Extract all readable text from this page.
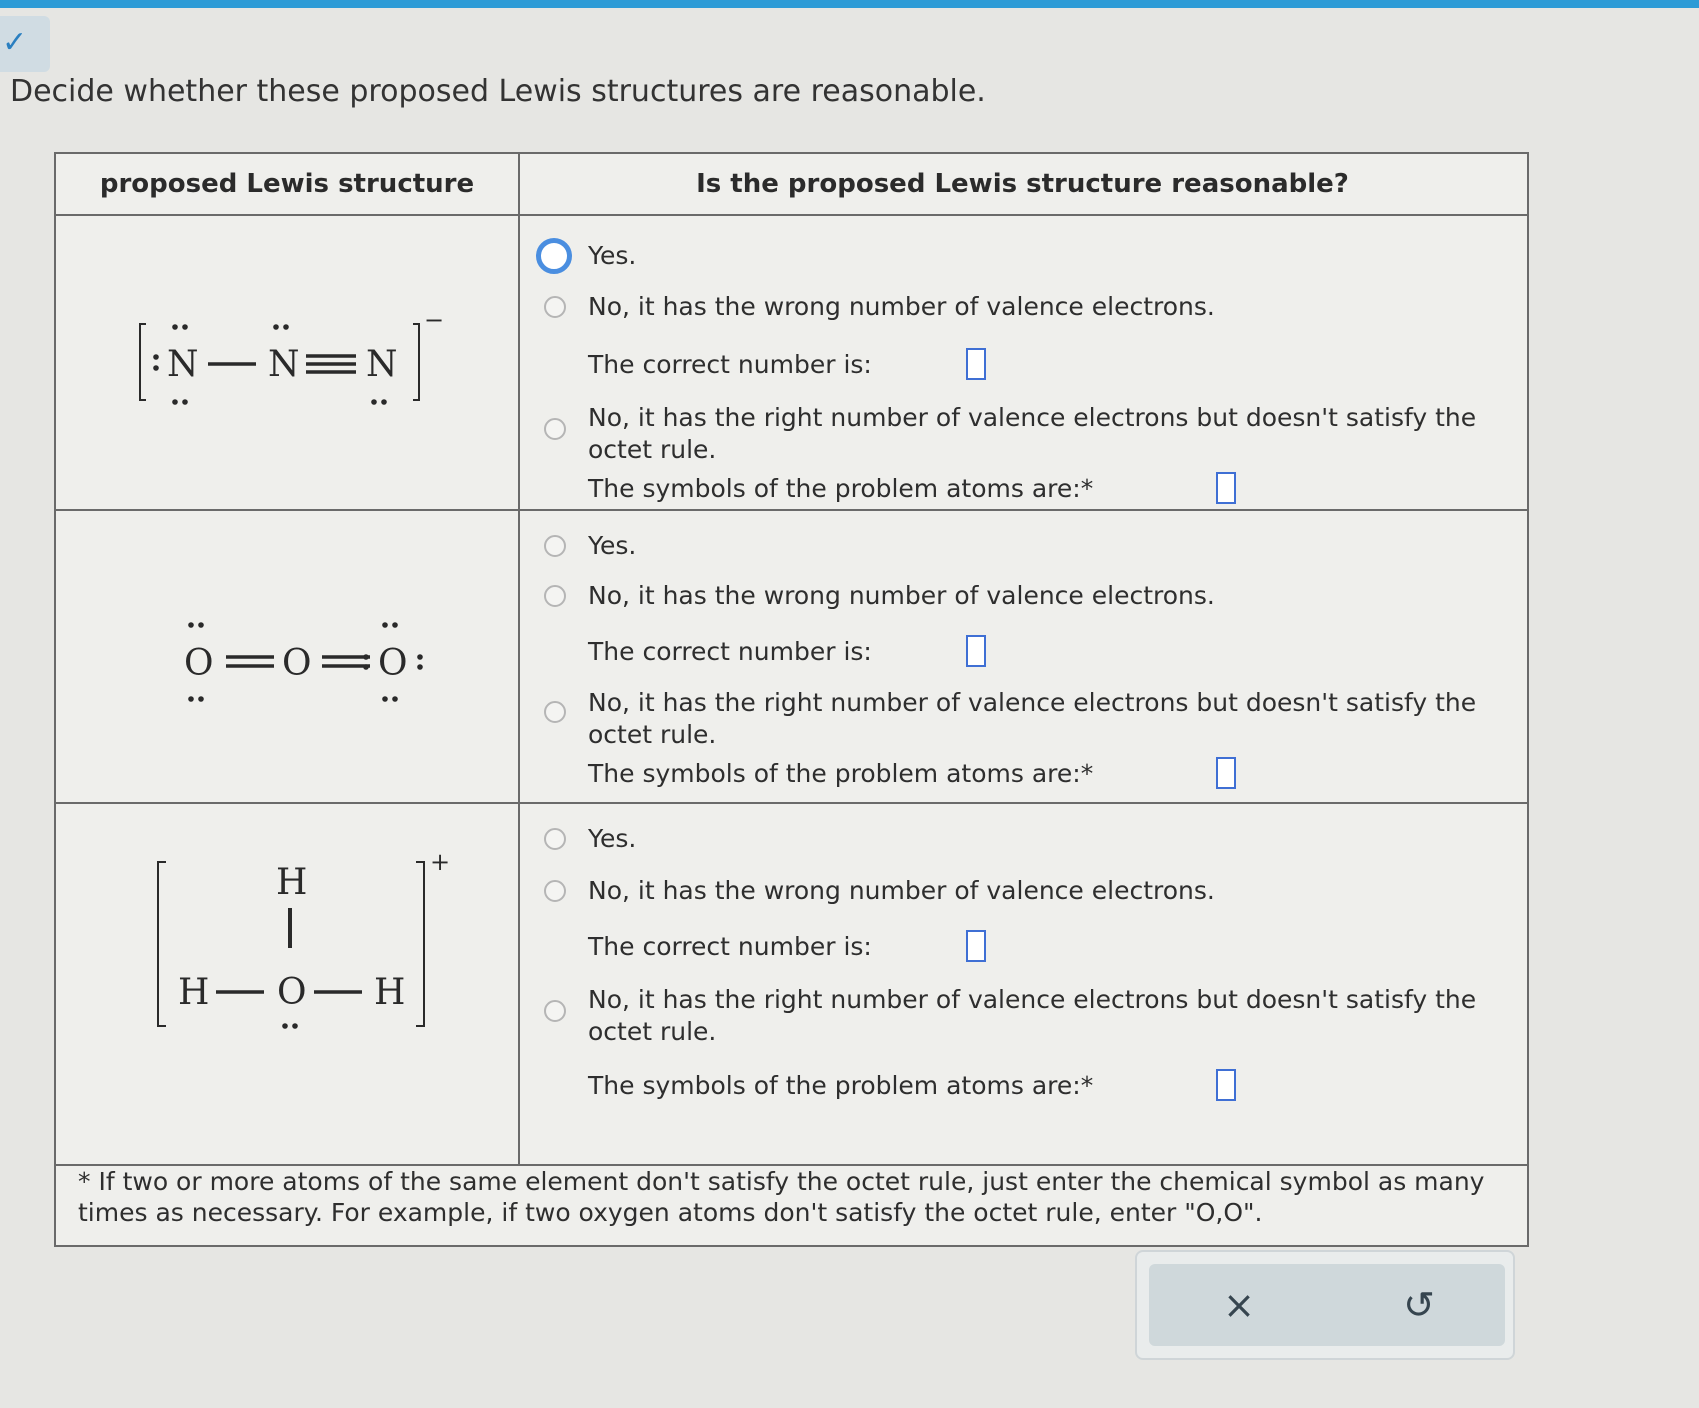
✓
Decide whether these proposed Lewis structures are reasonable.
proposed Lewis structure	Is the proposed Lewis structure reasonable?
−
N N N
O O O
+
H
H O H
Yes.
No, it has the wrong number of valence electrons.
The correct number is:
No, it has the right number of valence electrons but doesn't satisfy the octet rule.
The symbols of the problem atoms are:*
Yes.
No, it has the wrong number of valence electrons.
The correct number is:
No, it has the right number of valence electrons but doesn't satisfy the octet rule.
The symbols of the problem atoms are:*
Yes.
No, it has the wrong number of valence electrons.
The correct number is:
No, it has the right number of valence electrons but doesn't satisfy the octet rule.
The symbols of the problem atoms are:*
* If two or more atoms of the same element don't satisfy the octet rule, just enter the chemical symbol as many times as necessary. For example, if two oxygen atoms don't satisfy the octet rule, enter "O,O".
×	↺
